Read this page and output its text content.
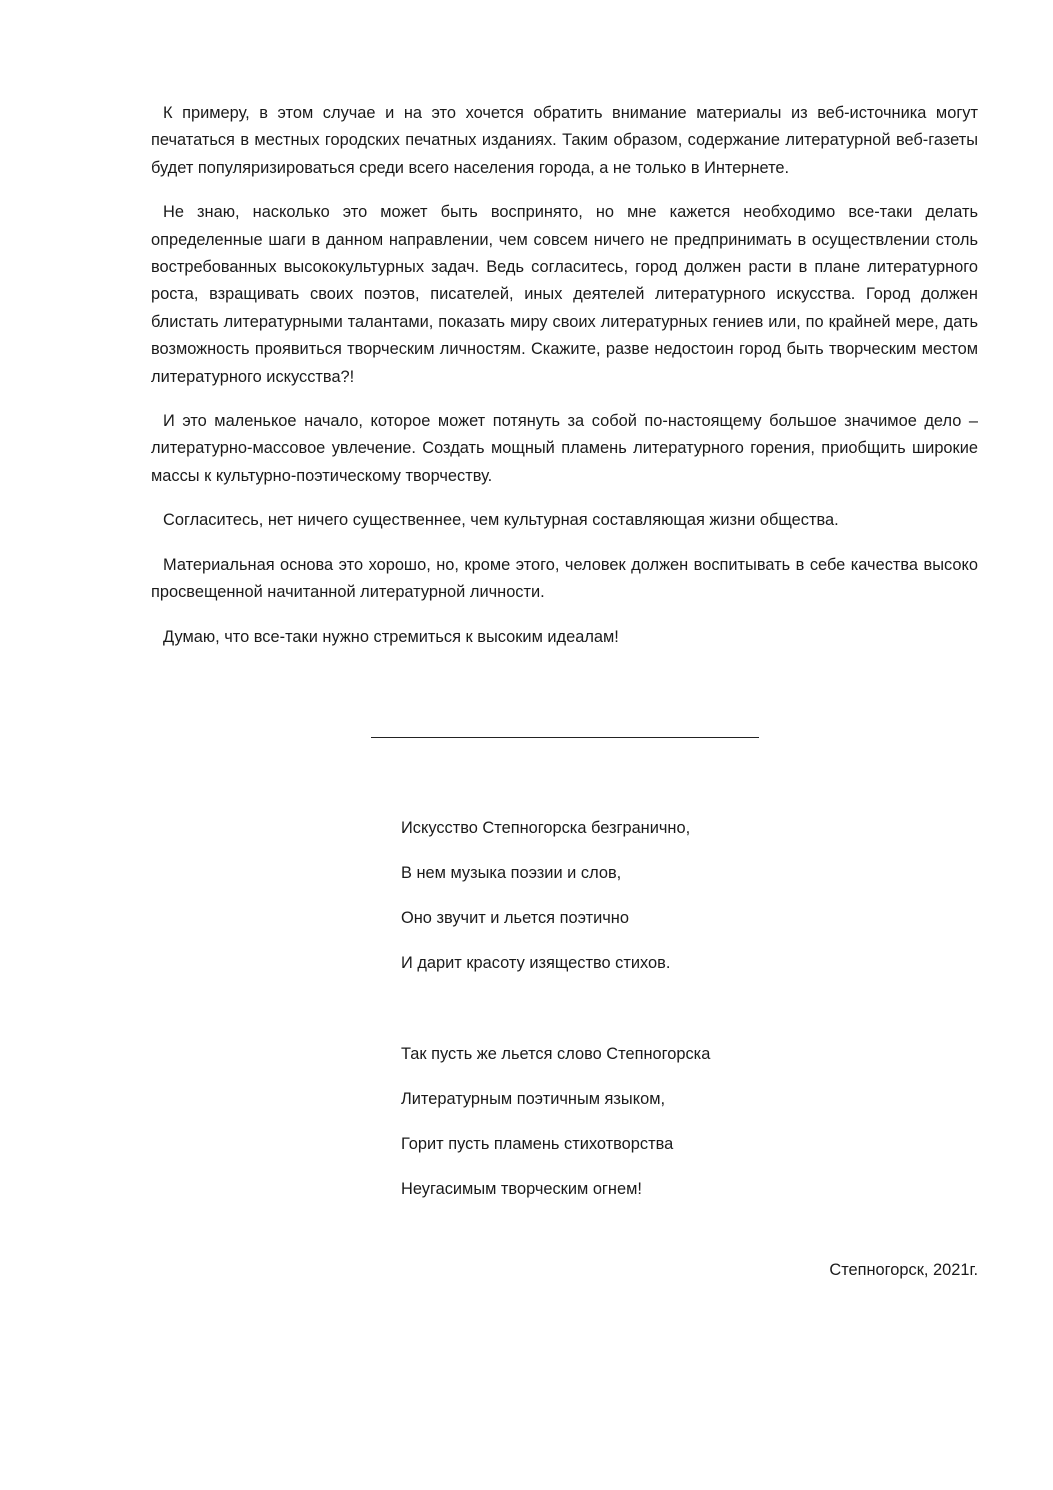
К примеру, в этом случае и на это хочется обратить внимание материалы из веб-источника могут печататься в местных городских печатных изданиях. Таким образом, содержание литературной веб-газеты будет популяризироваться среди всего населения города, а не только в Интернете.

Не знаю, насколько это может быть воспринято, но мне кажется необходимо все-таки делать определенные шаги в данном направлении, чем совсем ничего не предпринимать в осуществлении столь востребованных высококультурных задач. Ведь согласитесь, город должен расти в плане литературного роста, взращивать своих поэтов, писателей, иных деятелей литературного искусства. Город должен блистать литературными талантами, показать миру своих литературных гениев или, по крайней мере, дать возможность проявиться творческим личностям. Скажите, разве недостоин город быть творческим местом литературного искусства?!

И это маленькое начало, которое может потянуть за собой по-настоящему большое значимое дело – литературно-массовое увлечение. Создать мощный пламень литературного горения, приобщить широкие массы к культурно-поэтическому творчеству.

Согласитесь, нет ничего существеннее, чем культурная составляющая жизни общества.

Материальная основа это хорошо, но, кроме этого, человек должен воспитывать в себе качества высоко просвещенной начитанной литературной личности.

Думаю, что все-таки нужно стремиться к высоким идеалам!

Искусство Степногорска безгранично,
В нем музыка поэзии и слов,
Оно звучит и льется поэтично
И дарит красоту изящество стихов.
Так пусть же льется слово Степногорска
Литературным поэтичным языком,
Горит пусть пламень стихотворства
Неугасимым творческим огнем!
Степногорск, 2021г.
